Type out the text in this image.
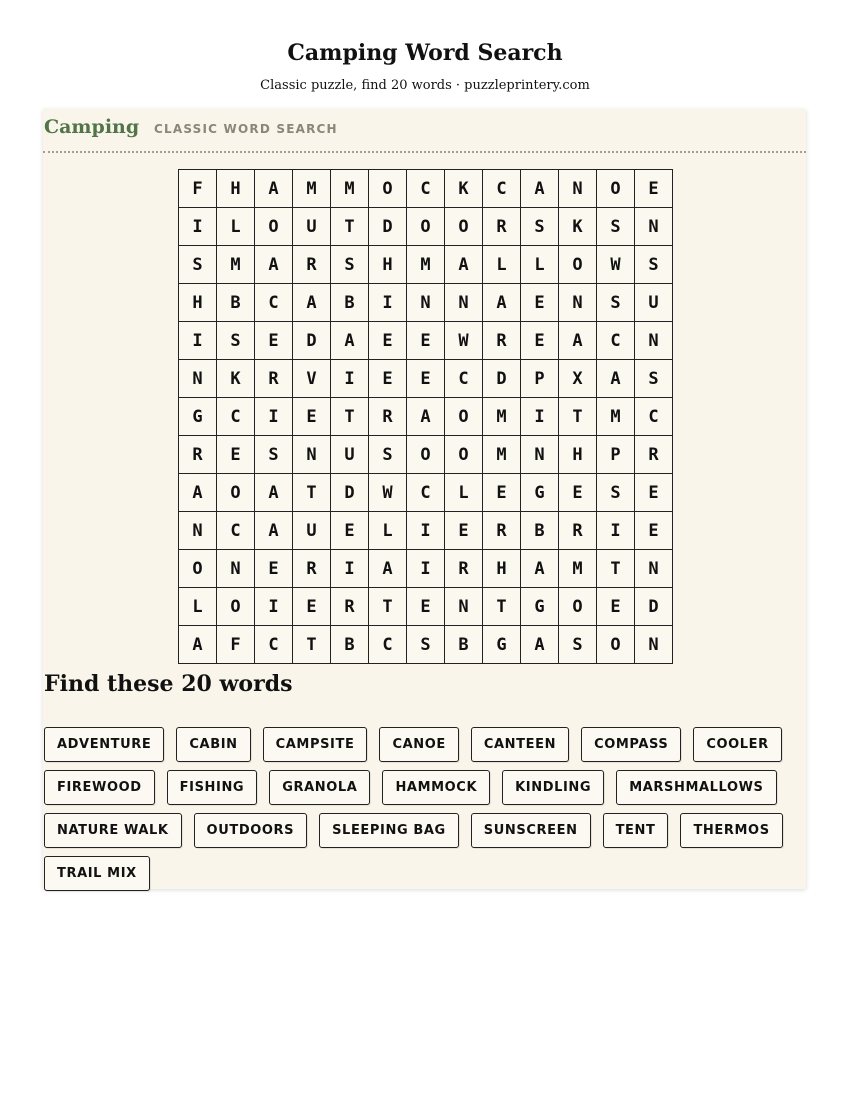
Camping Word Search
Classic puzzle, find 20 words · puzzleprintery.com
Camping CLASSIC WORD SEARCH
F	H	A	M	M	O	C	K	C	A	N	O	E
I	L	O	U	T	D	O	O	R	S	K	S	N
S	M	A	R	S	H	M	A	L	L	O	W	S
H	B	C	A	B	I	N	N	A	E	N	S	U
I	S	E	D	A	E	E	W	R	E	A	C	N
N	K	R	V	I	E	E	C	D	P	X	A	S
G	C	I	E	T	R	A	O	M	I	T	M	C
R	E	S	N	U	S	O	O	M	N	H	P	R
A	O	A	T	D	W	C	L	E	G	E	S	E
N	C	A	U	E	L	I	E	R	B	R	I	E
O	N	E	R	I	A	I	R	H	A	M	T	N
L	O	I	E	R	T	E	N	T	G	O	E	D
A	F	C	T	B	C	S	B	G	A	S	O	N
Find these 20 words
ADVENTURE	CABIN	CAMPSITE	CANOE	CANTEEN	COMPASS	COOLER
FIREWOOD	FISHING	GRANOLA	HAMMOCK	KINDLING	MARSHMALLOWS
NATURE WALK	OUTDOORS	SLEEPING BAG	SUNSCREEN	TENT	THERMOS
TRAIL MIX
